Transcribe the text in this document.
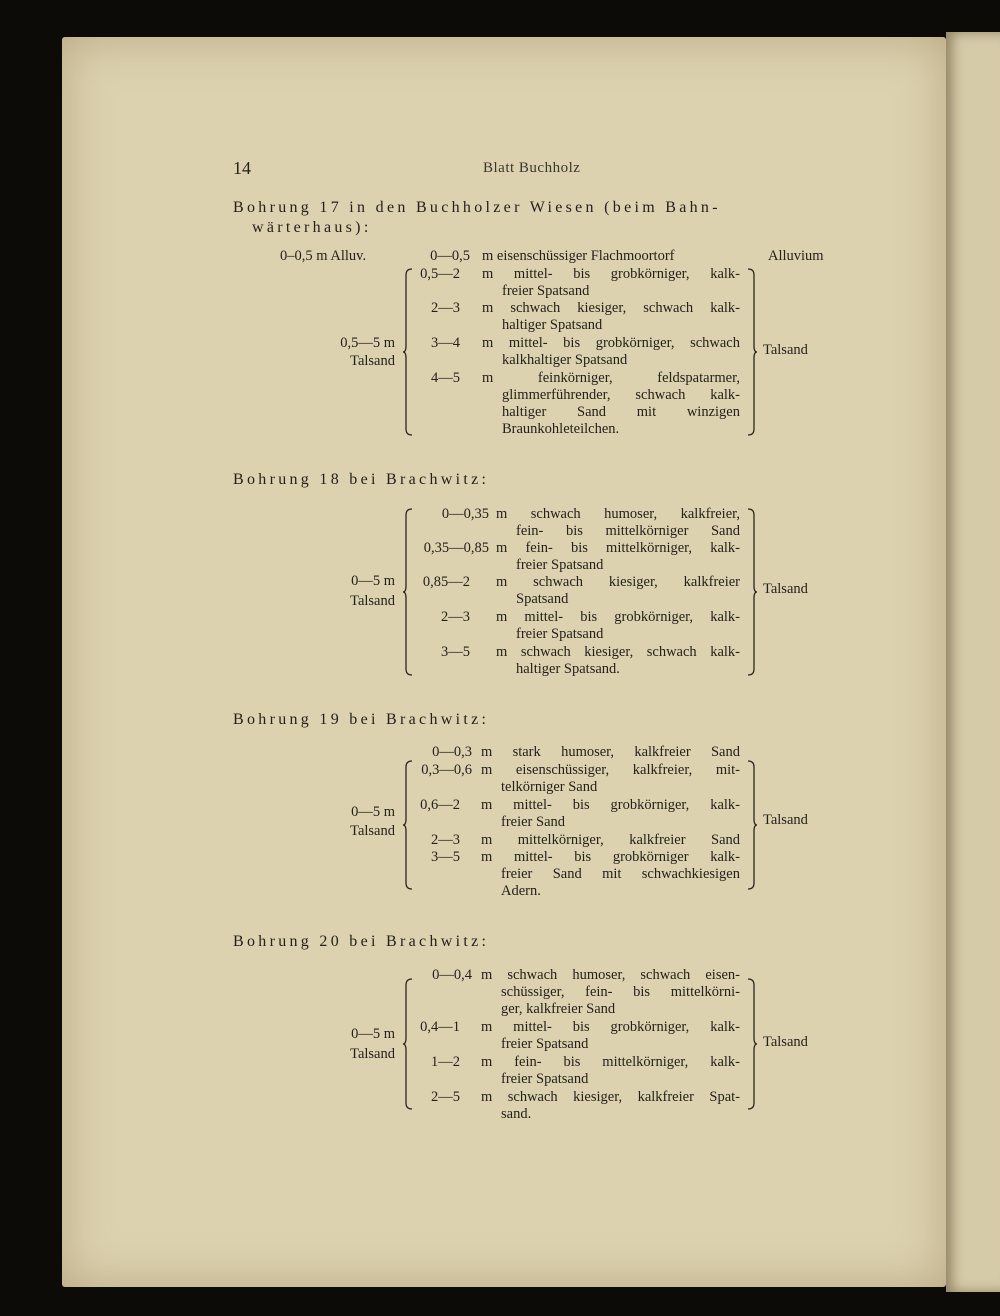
14	Blatt Buchholz
Bohrung 17 in den Buchholzer Wiesen (beim Bahn-
wärterhaus):
0–0,5 m Alluv.	0—0,5 m eisenschüssiger Flachmoortorf	Alluvium
0,5—5 m
Talsand
0,5—2 m mittel- bis grobkörniger, kalk-
freier Spatsand
2—3 m schwach kiesiger, schwach kalk-
haltiger Spatsand
3—4 m mittel- bis grobkörniger, schwach
kalkhaltiger Spatsand
4—5 m feinkörniger, feldspatarmer,
glimmerführender, schwach kalk-
haltiger Sand mit winzigen
Braunkohleteilchen.
Talsand
Bohrung 18 bei Brachwitz:
0—5 m
Talsand
0—0,35 m schwach humoser, kalkfreier,
fein- bis mittelkörniger Sand
0,35—0,85 m fein- bis mittelkörniger, kalk-
freier Spatsand
0,85—2 m schwach kiesiger, kalkfreier
Spatsand
2—3 m mittel- bis grobkörniger, kalk-
freier Spatsand
3—5 m schwach kiesiger, schwach kalk-
haltiger Spatsand.
Talsand
Bohrung 19 bei Brachwitz:
0—5 m
Talsand
0—0,3 m stark humoser, kalkfreier Sand
0,3—0,6 m eisenschüssiger, kalkfreier, mit-
telkörniger Sand
0,6—2 m mittel- bis grobkörniger, kalk-
freier Sand
2—3 m mittelkörniger, kalkfreier Sand
3—5 m mittel- bis grobkörniger kalk-
freier Sand mit schwachkiesigen
Adern.
Talsand
Bohrung 20 bei Brachwitz:
0—5 m
Talsand
0—0,4 m schwach humoser, schwach eisen-
schüssiger, fein- bis mittelkörni-
ger, kalkfreier Sand
0,4—1 m mittel- bis grobkörniger, kalk-
freier Spatsand
1—2 m fein- bis mittelkörniger, kalk-
freier Spatsand
2—5 m schwach kiesiger, kalkfreier Spat-
sand.
Talsand
